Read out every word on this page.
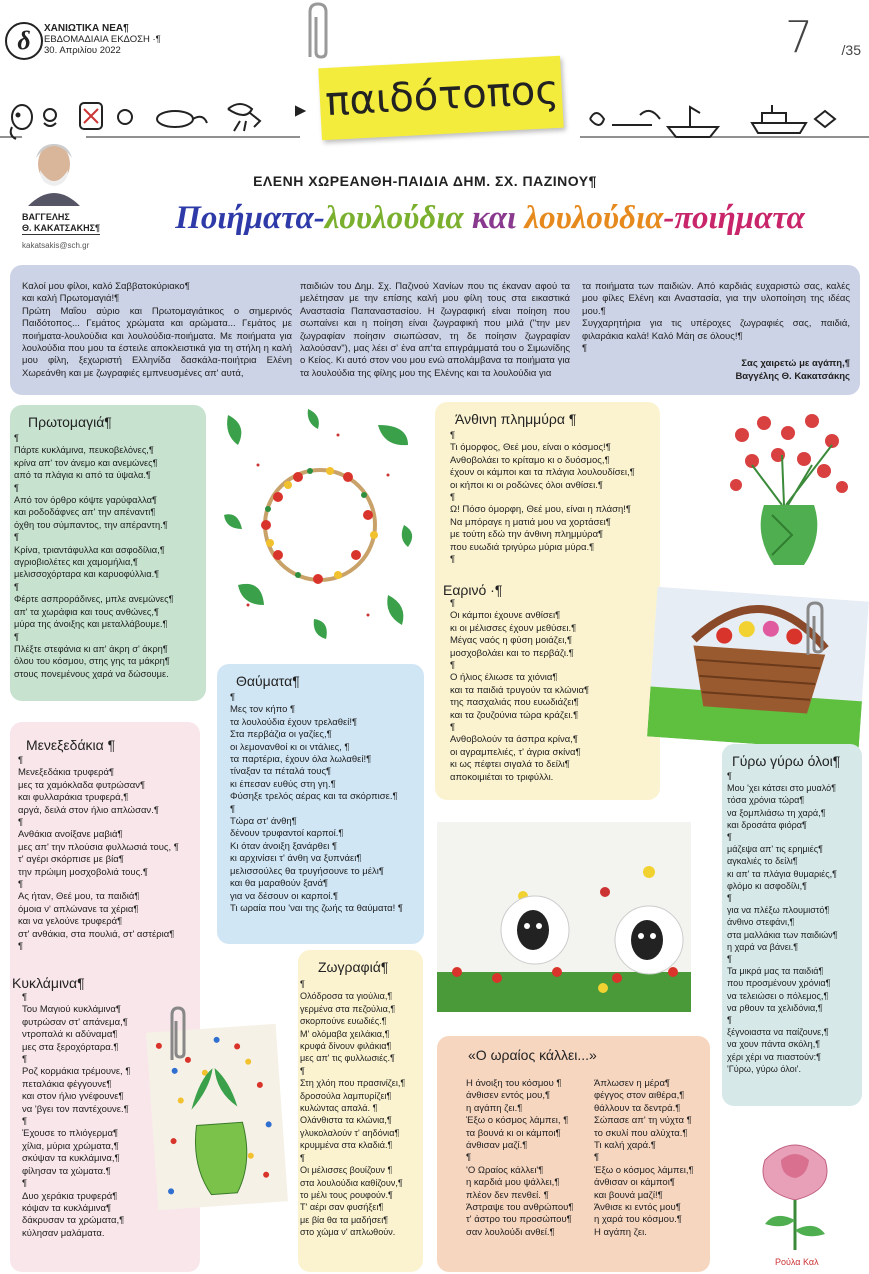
δ	ΧΑΝΙΩΤΙΚΑ ΝΕΑ¶
ΕΒΔΟΜΑΔΙΑΙΑ ΕΚΔΟΣΗ ·¶
30. Απριλίου 2022	7 /35
παιδότοπος
ΒΑΓΓΕΛΗΣ
Θ. ΚΑΚΑΤΣΑΚΗΣ¶
kakatsakis@sch.gr
ΕΛΕΝΗ ΧΩΡΕΑΝΘΗ-ΠΑΙΔΙΑ ΔΗΜ. ΣΧ. ΠΑΖΙΝΟΥ¶
Ποιήματα-λουλούδια και λουλούδια-ποιήματα
Καλοί μου φίλοι, καλό Σαββατοκύριακο¶
και καλή Πρωτομαγιά!¶
Πρώτη Μαΐου αύριο και Πρωτομαγιάτικος ο σημερινός Παιδότοπος... Γεμάτος χρώματα και αρώματα... Γεμάτος με ποιήματα-λουλούδια και λουλούδια-ποιήματα. Με ποιήματα για λουλούδια που μου τα έστειλε αποκλειστικά για τη στήλη η καλή μου φίλη, ξεχωριστή Ελληνίδα δασκάλα-ποιήτρια Ελένη Χωρεάνθη και με ζωγραφιές εμπνευσμένες απ' αυτά,
παιδιών του Δημ. Σχ. Παζινού Χανίων που τις έκαναν αφού τα μελέτησαν με την επίσης καλή μου φίλη τους στα εικαστικά Αναστασία Παπαναστασίου. Η ζωγραφική είναι ποίηση που σωπαίνει και η ποίηση είναι ζωγραφική που μιλά ("την μεν ζωγραφίαν ποίησιν σιωπώσαν, τη δε ποίησιν ζωγραφίαν λαλούσαν"), μας λέει σ' ένα απ'τα επιγράμματά του ο Σιμωνίδης ο Κείος. Κι αυτό στον νου μου ενώ απολάμβανα τα ποιήματα για τα λουλούδια της φίλης μου της Ελένης και τα λουλούδια για
τα ποιήματα των παιδιών. Από καρδιάς ευχαριστώ σας, καλές μου φίλες Ελένη και Αναστασία, για την υλοποίηση της ιδέας μου.¶
Συγχαρητήρια για τις υπέροχες ζωγραφιές σας, παιδιά, φιλαράκια καλά! Καλό Μάη σε όλους!¶
¶
Σας χαιρετώ με αγάπη,¶
Βαγγέλης Θ. Κακατσάκης
Πρωτομαγιά¶
¶
Πάρτε κυκλάμινα, πευκοβελόνες,¶
κρίνα απ' τον άνεμο και ανεμώνες¶
από τα πλάγια κι από τα ύψαλα.¶
¶
Από τον όρθρο κόψτε γαρύφαλλα¶
και ροδοδάφνες απ' την απέναντι¶
όχθη του σύμπαντος, την απέραντη.¶
¶
Κρίνα, τριαντάφυλλα και ασφοδίλια,¶
αγριοβιολέτες και χαμομήλια,¶
μελισσοχόρταρα και καρυοφύλλια.¶
¶
Φέρτε ασπροράδινες, μπλε ανεμώνες¶
απ' τα χωράφια και τους ανθώνες,¶
μύρα της άνοιξης και μεταλλάβουμε.¶
¶
Πλέξτε στεφάνια κι απ' άκρη σ' άκρη¶
όλου του κόσμου, στης γης τα μάκρη¶
στους πονεμένους χαρά να δώσουμε.
Άνθινη πλημμύρα ¶
¶
Τι όμορφος, Θεέ μου, είναι ο κόσμος!¶
Ανθοβολάει το κρίταμο κι ο δυόσμος,¶
έχουν οι κάμποι και τα πλάγια λουλουδίσει,¶
οι κήποι κι οι ροδώνες όλοι ανθίσει.¶
¶
Ω! Πόσο όμορφη, Θεέ μου, είναι η πλάση!¶
Να μπόραγε η ματιά μου να χορτάσει¶
με τούτη εδώ την άνθινη πλημμύρα¶
που ευωδιά τριγύρω μύρια μύρα.¶
¶
Εαρινό ·¶
¶
Οι κάμποι έχουνε ανθίσει¶
κι οι μέλισσες έχουν μεθύσει.¶
Μέγας ναός η φύση μοιάζει,¶
μοσχοβολάει και το περβάζι.¶
¶
Ο ήλιος έλιωσε τα χιόνια¶
και τα παιδιά τρυγούν τα κλώνια¶
της πασχαλιάς που ευωδιάζει¶
και τα ζουζούνια τώρα κράζει.¶
¶
Ανθοβολούν τα άσπρα κρίνα,¶
οι αγραμπελιές, τ' άγρια σκίνα¶
κι ως πέφτει σιγαλά το δείλι¶
αποκοιμιέται το τριφύλλι.
Θαύματα¶
¶
Μες τον κήπο ¶
τα λουλούδια έχουν τρελαθεί!¶
Στα περβάζια οι γαζίες,¶
οι λεμονανθοί κι οι ντάλιες, ¶
τα παρτέρια, έχουν όλα λωλαθεί!¶
τίναξαν τα πέταλά τους¶
κι έπεσαν ευθύς στη γη.¶
Φύσηξε τρελός αέρας και τα σκόρπισε.¶
¶
Τώρα στ' άνθη¶
δένουν τρυφαντοί καρποί.¶
Κι όταν άνοιξη ξανάρθει ¶
κι αρχινίσει τ' άνθη να ξυπνάει¶
μελισσούλες θα τρυγήσουνε το μέλι¶
και θα μαραθούν ξανά¶
για να δέσουν οι καρποί.¶
Τι ωραία που 'ναι της ζωής τα θαύματα! ¶
Μενεξεδάκια ¶
¶
Μενεξεδάκια τρυφερά¶
μες τα χαμόκλαδα φυτρώσαν¶
και φυλλαράκια τρυφερά,¶
αργά, δειλά στον ήλιο απλώσαν.¶
¶
Ανθάκια ανοίξανε μαβιά¶
μες απ' την πλούσια φυλλωσιά τους, ¶
τ' αγέρι σκόρπισε με βία¶
την πρώιμη μοσχοβολιά τους.¶
¶
Ας ήταν, Θεέ μου, τα παιδιά¶
όμοια ν' απλώνανε τα χέρια¶
και να γελούνε τρυφερά¶
στ' ανθάκια, στα πουλιά, στ' αστέρια¶
¶
Κυκλάμινα¶
¶
Του Μαγιού κυκλάμινα¶
φυτρώσαν στ' απάνεμα,¶
ντροπαλά κι αδύναμα¶
μες στα ξεροχόρταρα.¶
¶
Ροζ κορμάκια τρέμουνε, ¶
πεταλάκια φέγγουνε¶
και στον ήλιο γνέφουνε¶
να 'βγει τον παντέχουνε.¶
¶
Έχουσε το πλιόγερμα¶
χίλια, μύρια χρώματα,¶
σκύψαν τα κυκλάμινα,¶
φίλησαν τα χώματα.¶
¶
Δυο χεράκια τρυφερά¶
κόψαν τα κυκλάμινα¶
δάκρυσαν τα χρώματα,¶
κύλησαν μαλάματα.
Γύρω γύρω όλοι¶
¶
Μου 'χει κάτσει στο μυαλό¶
τόσα χρόνια τώρα¶
να ξομπλιάσω τη χαρά,¶
και δροσάτα φιόρα¶
¶
μάζεψα απ' τις ερημιές¶
αγκαλιές το δείλι¶
κι απ' τα πλάγια θυμαριές,¶
φλόμο κι ασφοδίλι,¶
¶
για να πλέξω πλουμιστό¶
άνθινο στεφάνι,¶
στα μαλλάκια των παιδιών¶
η χαρά να βάνει.¶
¶
Τα μικρά μας τα παιδιά¶
που προσμένουν χρόνια¶
να τελειώσει ο πόλεμος,¶
να ρθουν τα χελιδόνια,¶
¶
ξέγνοιαστα να παίζουνε,¶
να χουν πάντα σκόλη,¶
χέρι χέρι να πιαστούν:¶
'Γύρω, γύρω όλοι'.
Ζωγραφιά¶
¶
Ολόδροσα τα γιούλια,¶
γερμένα στα πεζούλια,¶
σκορπούνε ευωδιές.¶
Μ' ολόμαβα χειλάκια,¶
κρυφά δίνουν φιλάκια¶
μες απ' τις φυλλωσιές.¶
¶
Στη χλόη που πρασινίζει,¶
δροσούλα λαμπυρίζει¶
κυλώντας απαλά. ¶
Ολάνθιστα τα κλώνια,¶
γλυκολαλούν τ' αηδόνια¶
κρυμμένα στα κλαδιά.¶
¶
Οι μέλισσες βουίζουν ¶
στα λουλούδια καθίζουν,¶
το μέλι τους ρουφούν.¶
Τ' αέρι σαν φυσήξει¶
με βία θα τα μαδήσει¶
στο χώμα ν' απλωθούν.
«Ο ωραίος κάλλει...»
Η άνοιξη του κόσμου ¶
άνθισεν εντός μου,¶
η αγάπη ζει.¶
Έξω ο κόσμος λάμπει, ¶
τα βουνά κι οι κάμποι¶
άνθισαν μαζί.¶
¶
'Ο Ωραίος κάλλει'¶
η καρδιά μου ψάλλει,¶
πλέον δεν πενθεί. ¶
Άστραψε του ανθρώπου¶
τ' άστρο του προσώπου¶
σαν λουλούδι ανθεί.¶
Άπλωσεν η μέρα¶
φέγγος στον αιθέρα,¶
θάλλουν τα δεντρά.¶
Σώπασε απ' τη νύχτα ¶
το σκυλί που αλύχτα.¶
Τι καλή χαρά.¶
¶
Έξω ο κόσμος λάμπει,¶
άνθισαν οι κάμποι¶
και βουνά μαζί!¶
Άνθισε κι εντός μου¶
η χαρά του κόσμου.¶
Η αγάπη ζει.
Ρούλα Καλ
